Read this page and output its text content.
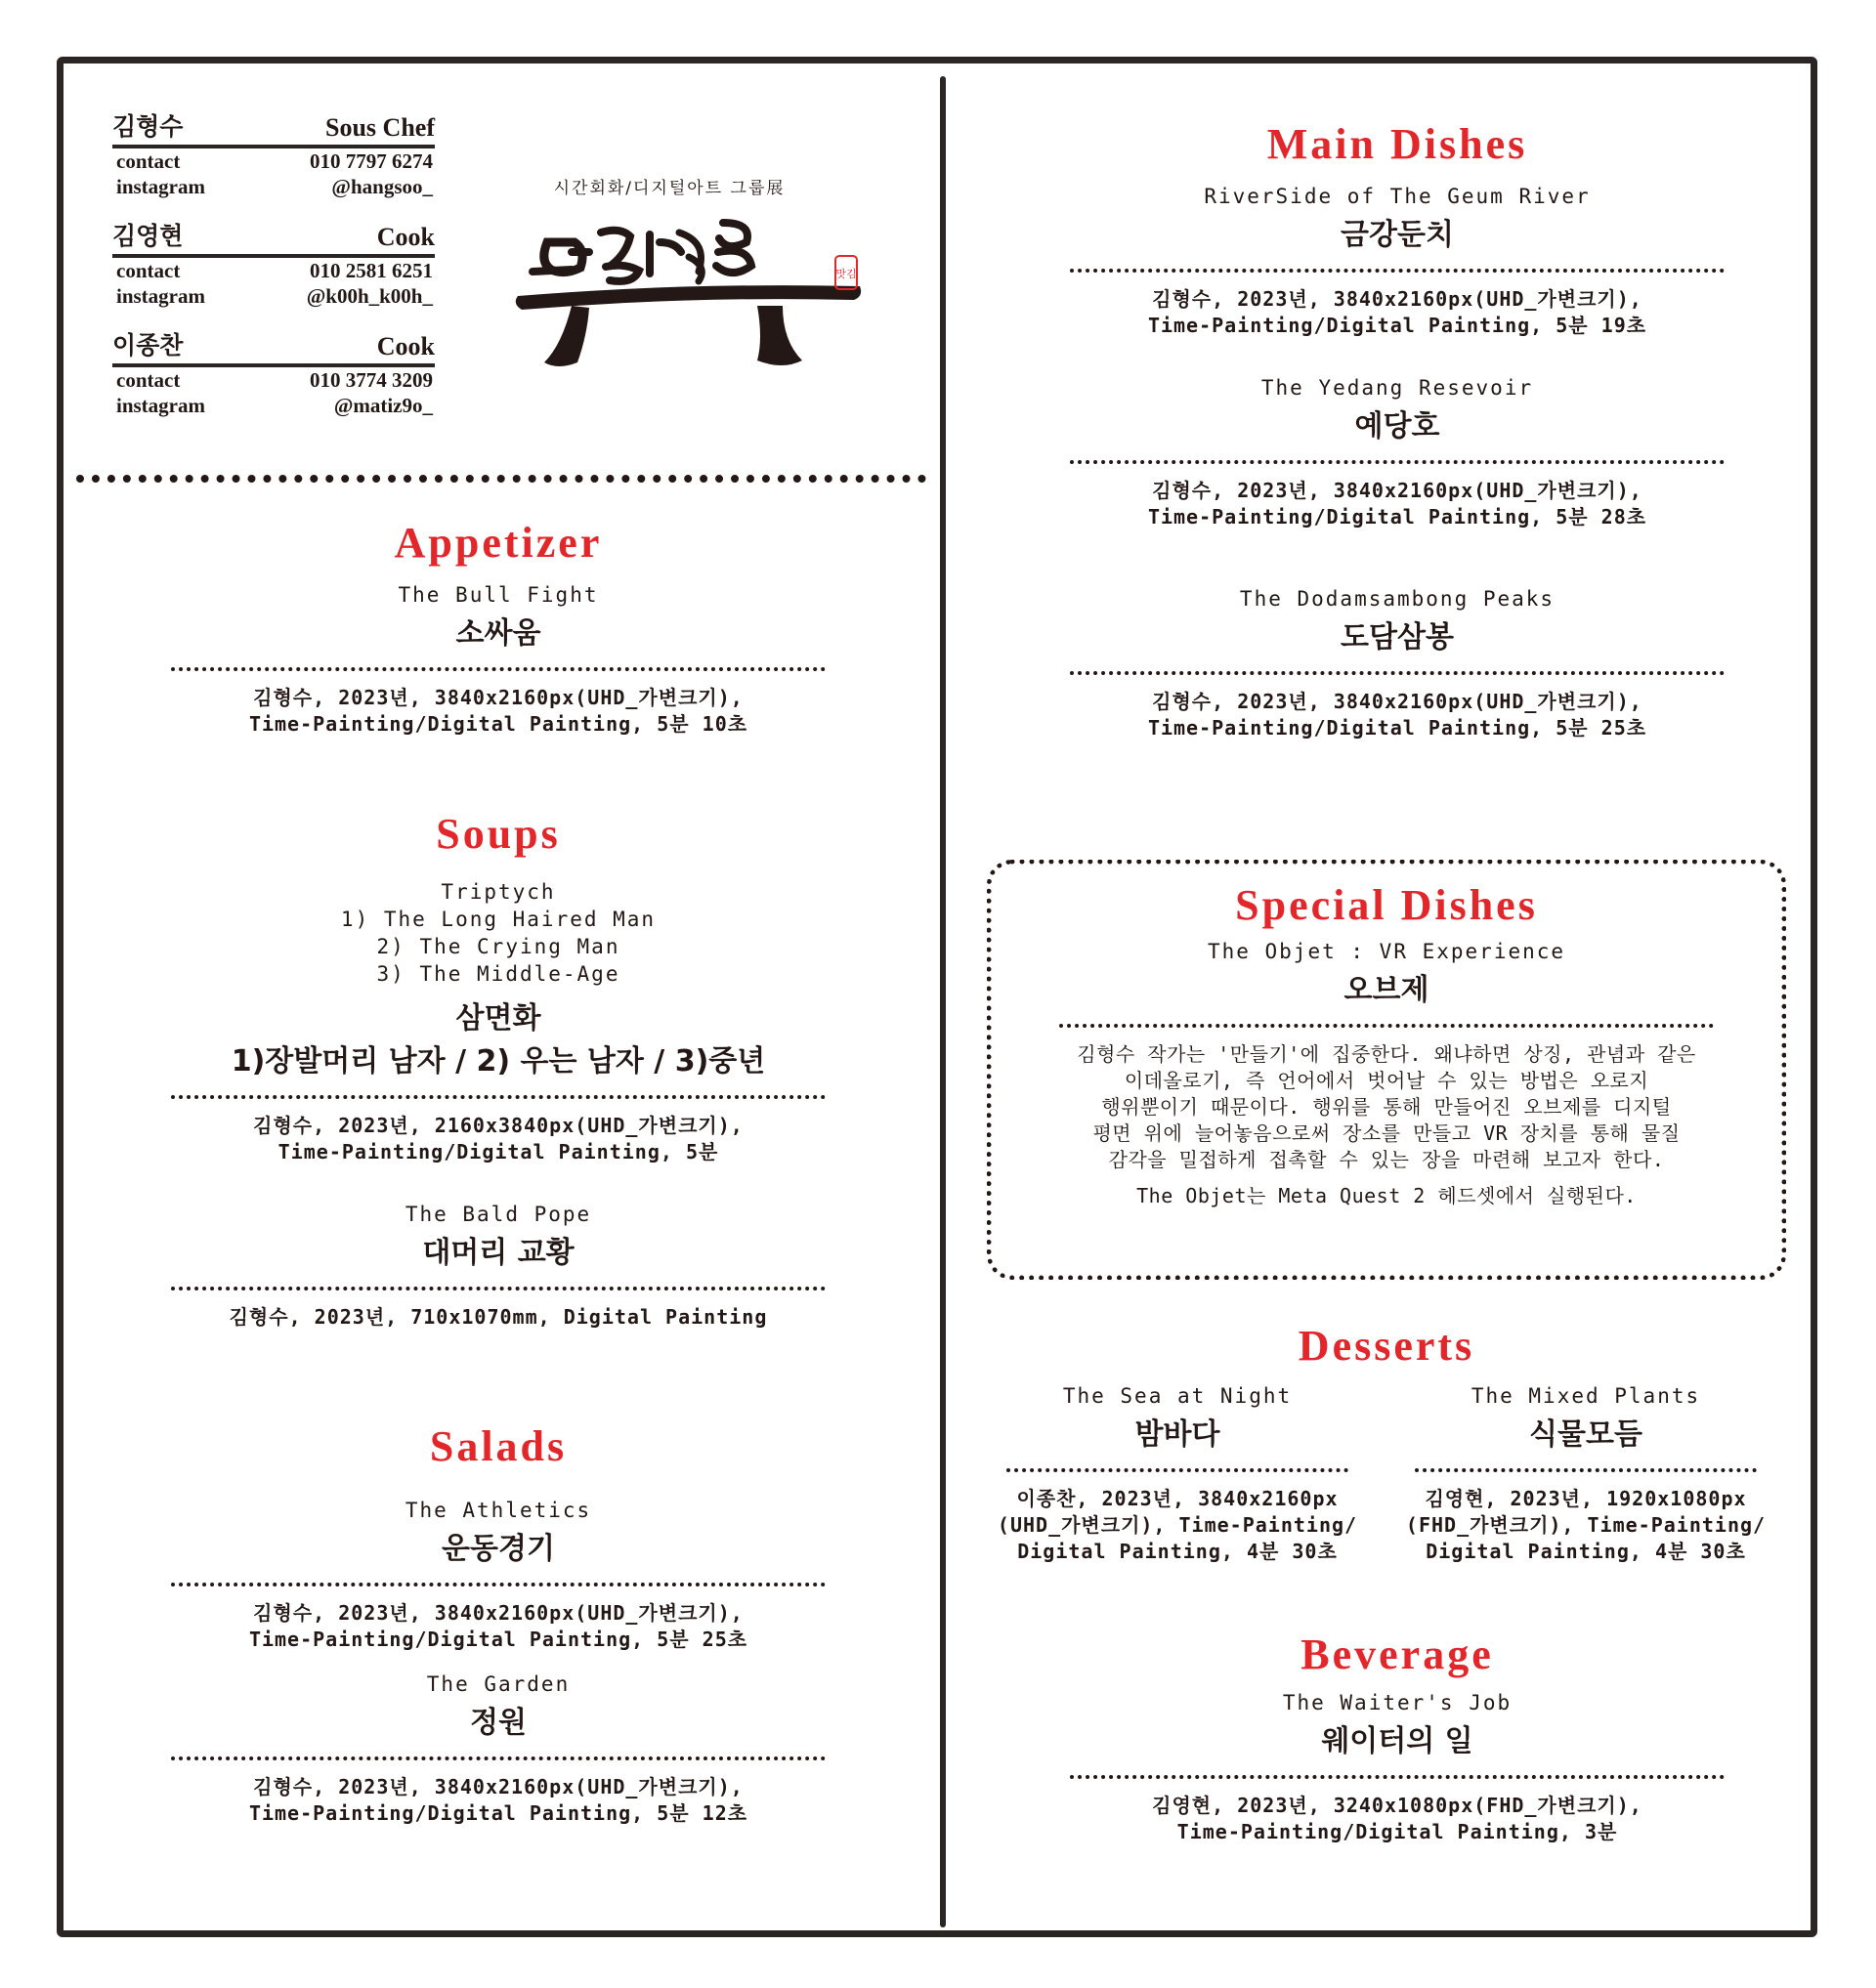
김형수	Sous Chef
contact	010 7797 6274
instagram	@hangsoo_
김영현	Cook
contact	010 2581 6251
instagram	@k00h_k00h_
이종찬	Cook
contact	010 3774 3209
instagram	@matiz9o_
시간회화/디지털아트 그룹展
맛김
Appetizer
The Bull Fight
소싸움
김형수, 2023년, 3840x2160px(UHD_가변크기),
Time-Painting/Digital Painting, 5분 10초
Soups
Triptych
1) The Long Haired Man
2) The Crying Man
3) The Middle-Age
삼면화
1)장발머리 남자 / 2) 우는 남자 / 3)중년
김형수, 2023년, 2160x3840px(UHD_가변크기),
Time-Painting/Digital Painting, 5분
The Bald Pope
대머리 교황
김형수, 2023년, 710x1070mm, Digital Painting
Salads
The Athletics
운동경기
김형수, 2023년, 3840x2160px(UHD_가변크기),
Time-Painting/Digital Painting, 5분 25초
The Garden
정원
김형수, 2023년, 3840x2160px(UHD_가변크기),
Time-Painting/Digital Painting, 5분 12초
Main Dishes
RiverSide of The Geum River
금강둔치
김형수, 2023년, 3840x2160px(UHD_가변크기),
Time-Painting/Digital Painting, 5분 19초
The Yedang Resevoir
예당호
김형수, 2023년, 3840x2160px(UHD_가변크기),
Time-Painting/Digital Painting, 5분 28초
The Dodamsambong Peaks
도담삼봉
김형수, 2023년, 3840x2160px(UHD_가변크기),
Time-Painting/Digital Painting, 5분 25초
Special Dishes
The Objet : VR Experience
오브제
김형수 작가는 '만들기'에 집중한다. 왜냐하면 상징, 관념과 같은
이데올로기, 즉 언어에서 벗어날 수 있는 방법은 오로지
행위뿐이기 때문이다. 행위를 통해 만들어진 오브제를 디지털
평면 위에 늘어놓음으로써 장소를 만들고 VR 장치를 통해 물질
감각을 밀접하게 접촉할 수 있는 장을 마련해 보고자 한다.
The Objet는 Meta Quest 2 헤드셋에서 실행된다.
Desserts
The Sea at Night
밤바다
이종찬, 2023년, 3840x2160px
(UHD_가변크기), Time-Painting/
Digital Painting, 4분 30초
The Mixed Plants
식물모듬
김영현, 2023년, 1920x1080px
(FHD_가변크기), Time-Painting/
Digital Painting, 4분 30초
Beverage
The Waiter's Job
웨이터의 일
김영현, 2023년, 3240x1080px(FHD_가변크기),
Time-Painting/Digital Painting, 3분
